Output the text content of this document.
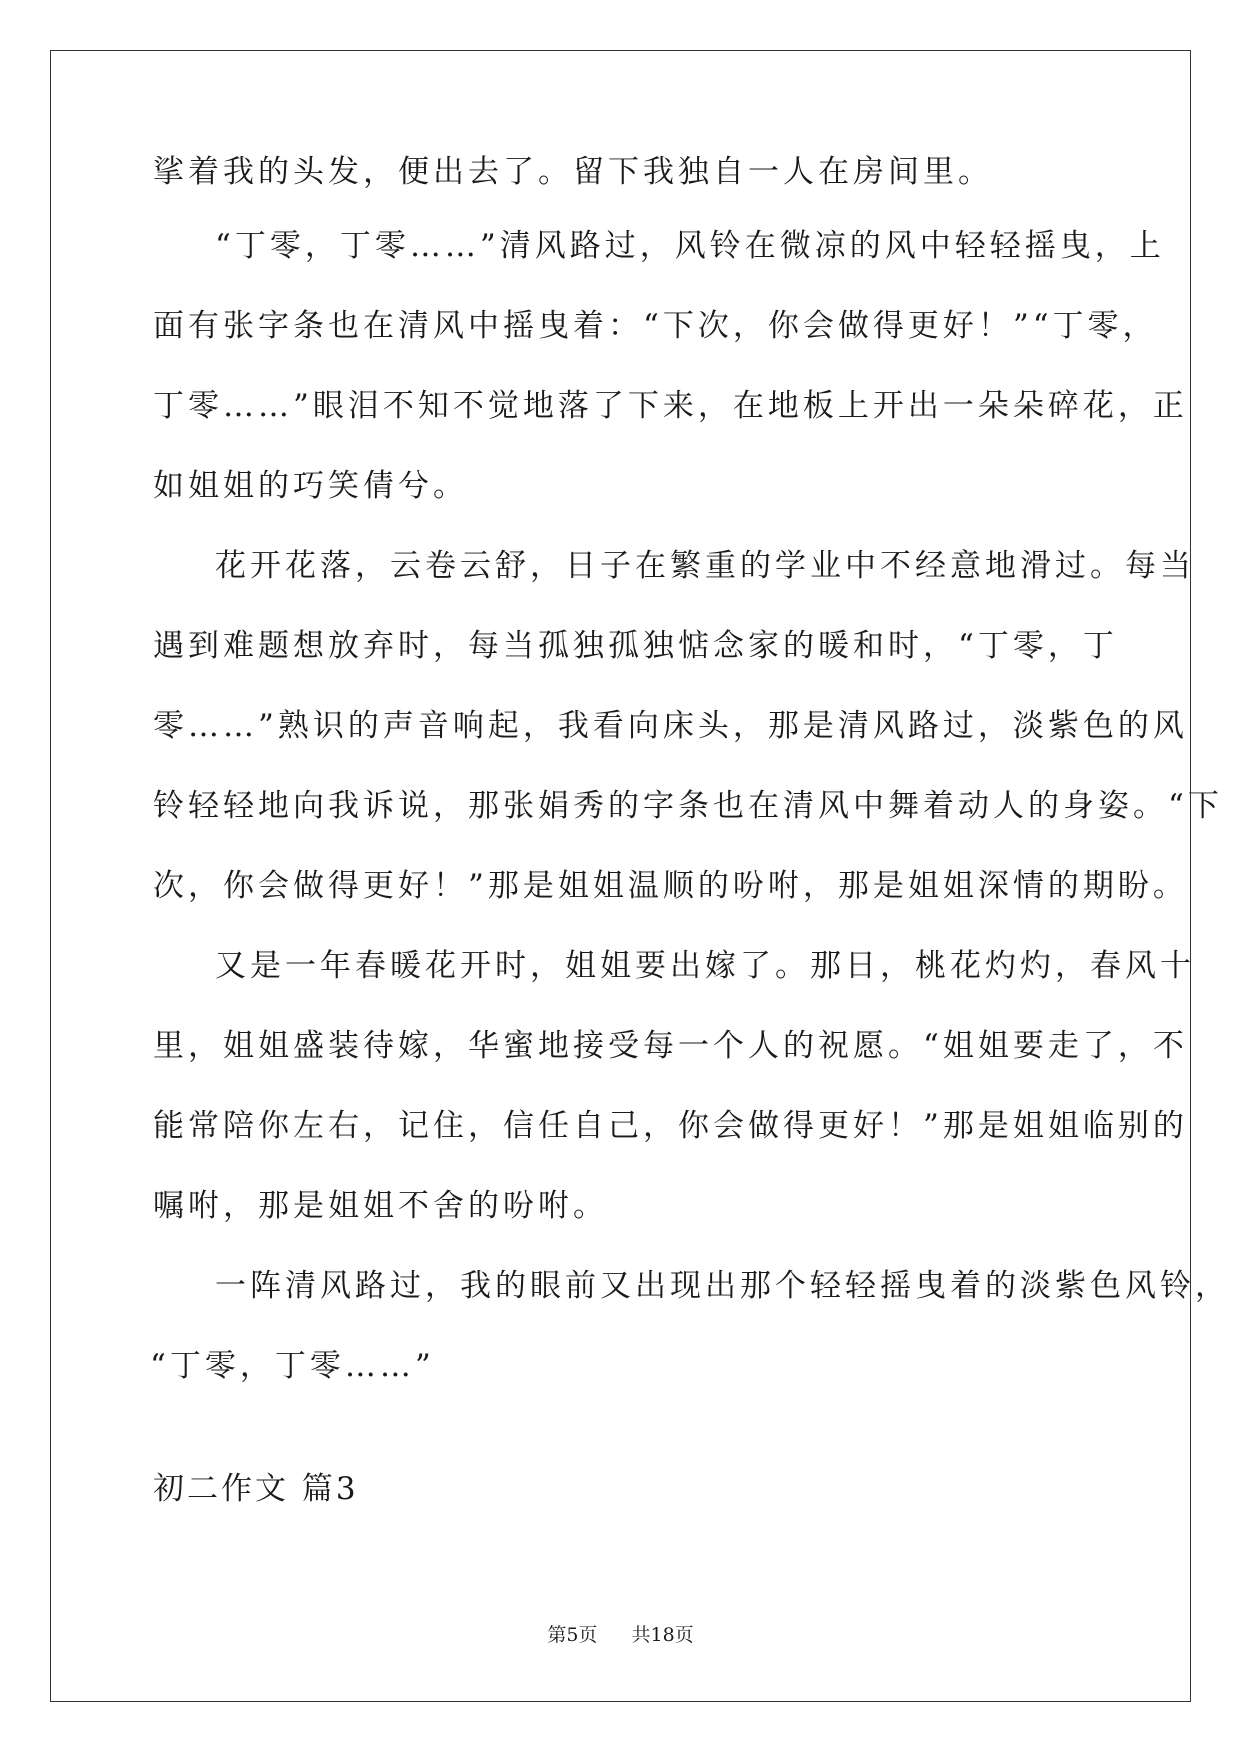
挲着我的头发，便出去了。留下我独自一人在房间里。
“丁零，丁零……”清风路过，风铃在微凉的风中轻轻摇曳，上
面有张字条也在清风中摇曳着：“下次，你会做得更好！”“丁零，
丁零……”眼泪不知不觉地落了下来，在地板上开出一朵朵碎花，正
如姐姐的巧笑倩兮。
花开花落，云卷云舒，日子在繁重的学业中不经意地滑过。每当
遇到难题想放弃时，每当孤独孤独惦念家的暖和时，“丁零，丁
零……”熟识的声音响起，我看向床头，那是清风路过，淡紫色的风
铃轻轻地向我诉说，那张娟秀的字条也在清风中舞着动人的身姿。“下
次，你会做得更好！”那是姐姐温顺的吩咐，那是姐姐深情的期盼。
又是一年春暖花开时，姐姐要出嫁了。那日，桃花灼灼，春风十
里，姐姐盛装待嫁，华蜜地接受每一个人的祝愿。“姐姐要走了，不
能常陪你左右，记住，信任自己，你会做得更好！”那是姐姐临别的
嘱咐，那是姐姐不舍的吩咐。
一阵清风路过，我的眼前又出现出那个轻轻摇曳着的淡紫色风铃，
“丁零，丁零……”
初二作文 篇3
第5页 共18页
